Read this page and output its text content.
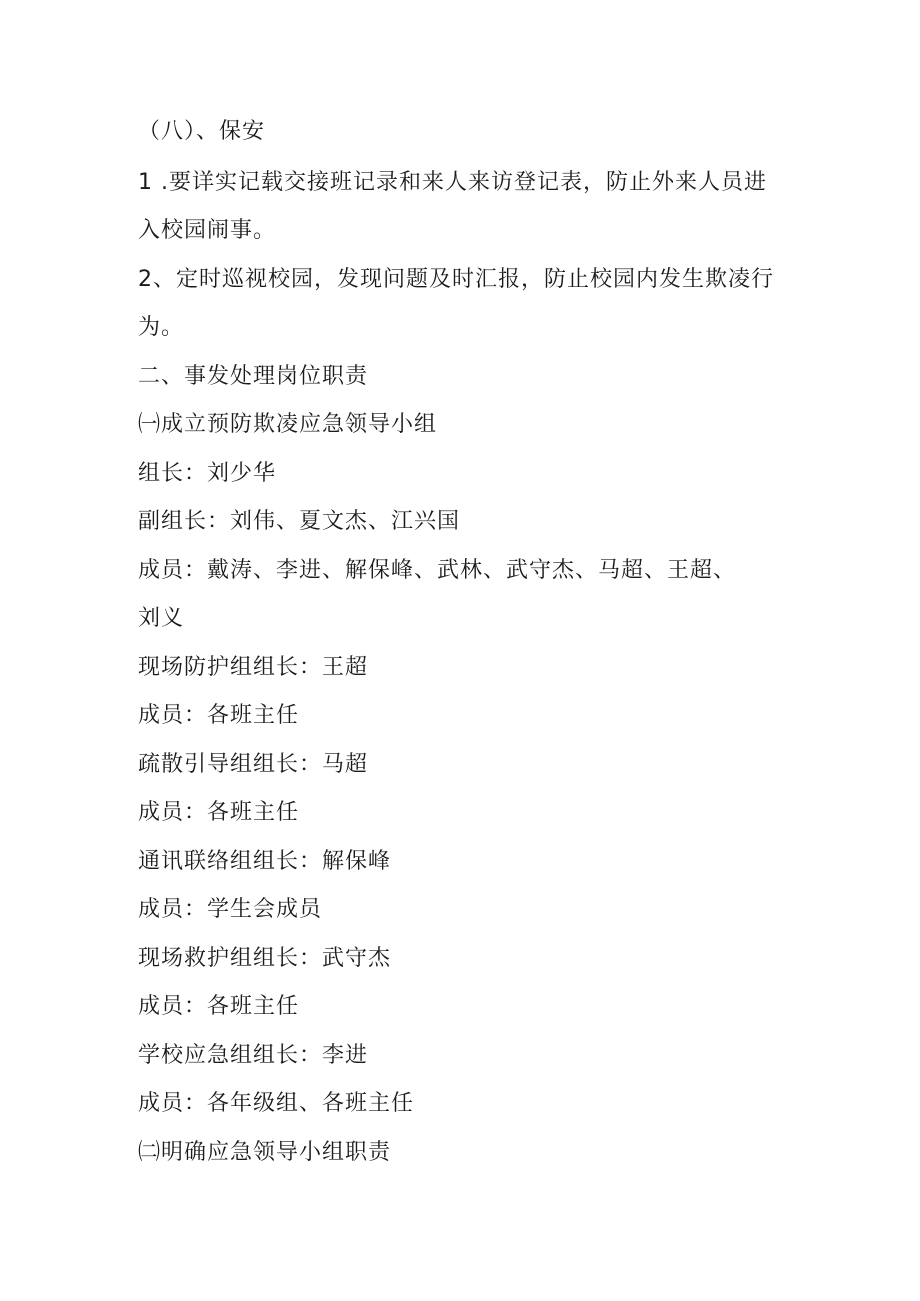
（八）、保安
1 .要详实记载交接班记录和来人来访登记表，防止外来人员进
入校园闹事。
2、定时巡视校园，发现问题及时汇报，防止校园内发生欺凌行
为。
二、事发处理岗位职责
㈠成立预防欺凌应急领导小组
组长：刘少华
副组长：刘伟、夏文杰、江兴国
成员：戴涛、李进、解保峰、武林、武守杰、马超、王超、
刘义
现场防护组组长：王超
成员：各班主任
疏散引导组组长：马超
成员：各班主任
通讯联络组组长：解保峰
成员：学生会成员
现场救护组组长：武守杰
成员：各班主任
学校应急组组长：李进
成员：各年级组、各班主任
㈡明确应急领导小组职责
